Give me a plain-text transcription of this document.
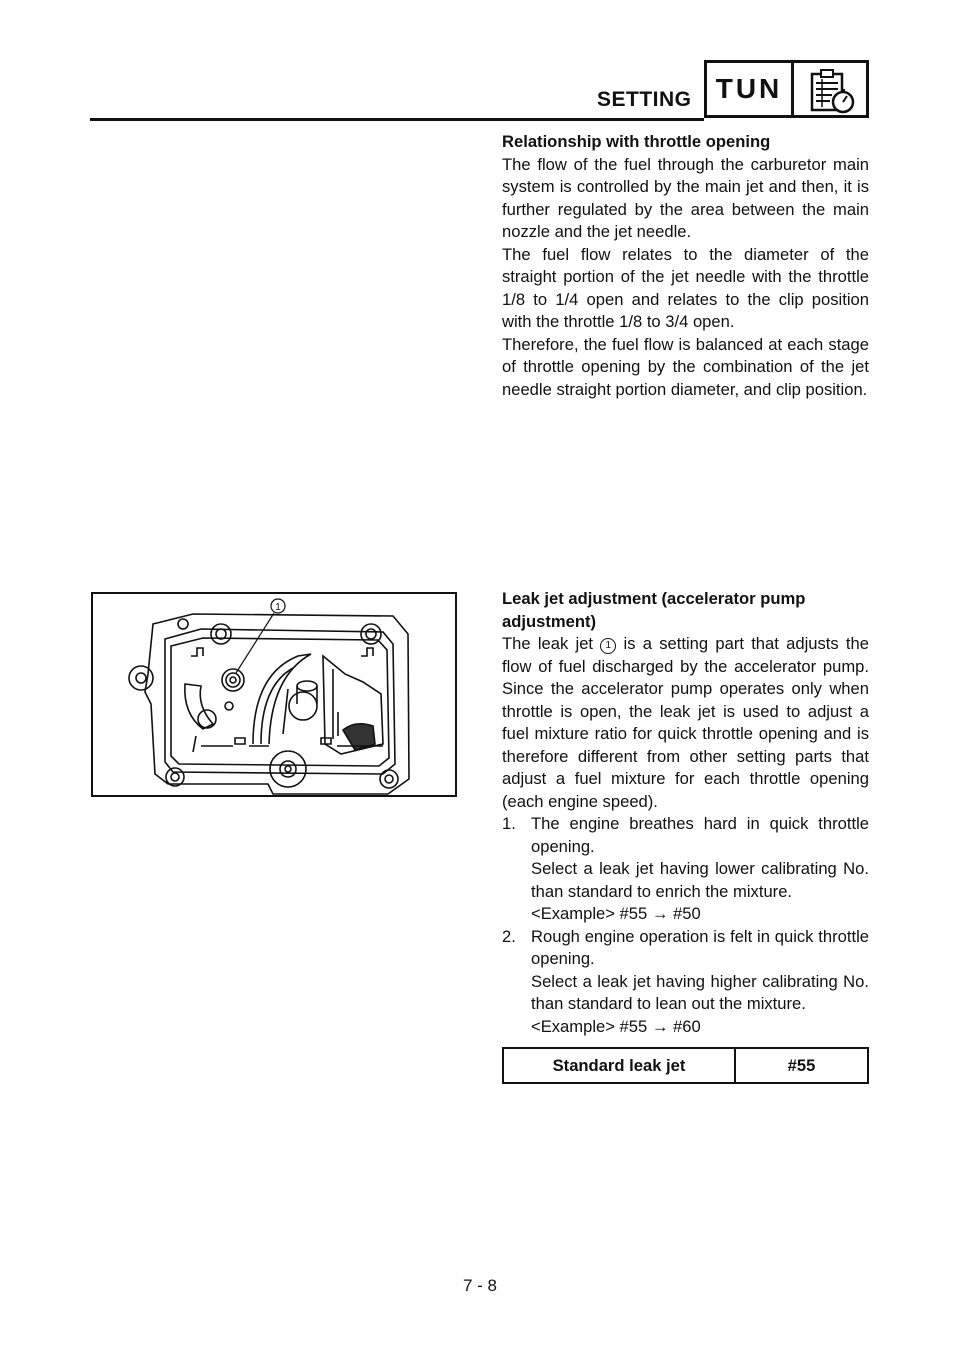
SETTING TUN

Relationship with throttle opening

The flow of the fuel through the carburetor main system is controlled by the main jet and then, it is further regulated by the area between the main nozzle and the jet needle.

The fuel flow relates to the diameter of the straight portion of the jet needle with the throttle 1/8 to 1/4 open and relates to the clip position with the throttle 1/8 to 3/4 open.

Therefore, the fuel flow is balanced at each stage of throttle opening by the combination of the jet needle straight portion diameter, and clip position.

1	Leak jet adjustment (accelerator pump adjustment)

The leak jet 1 is a setting part that adjusts the flow of fuel discharged by the accelerator pump. Since the accelerator pump operates only when throttle is open, the leak jet is used to adjust a fuel mixture ratio for quick throttle opening and is therefore different from other setting parts that adjust a fuel mixture for each throttle opening (each engine speed).

1. The engine breathes hard in quick throttle opening.

Select a leak jet having lower calibrating No. than standard to enrich the mixture.

<Example> #55 → #50

2. Rough engine operation is felt in quick throttle opening.

Select a leak jet having higher calibrating No. than standard to lean out the mixture.

<Example> #55 → #60

Standard leak jet	#55
7 - 8
